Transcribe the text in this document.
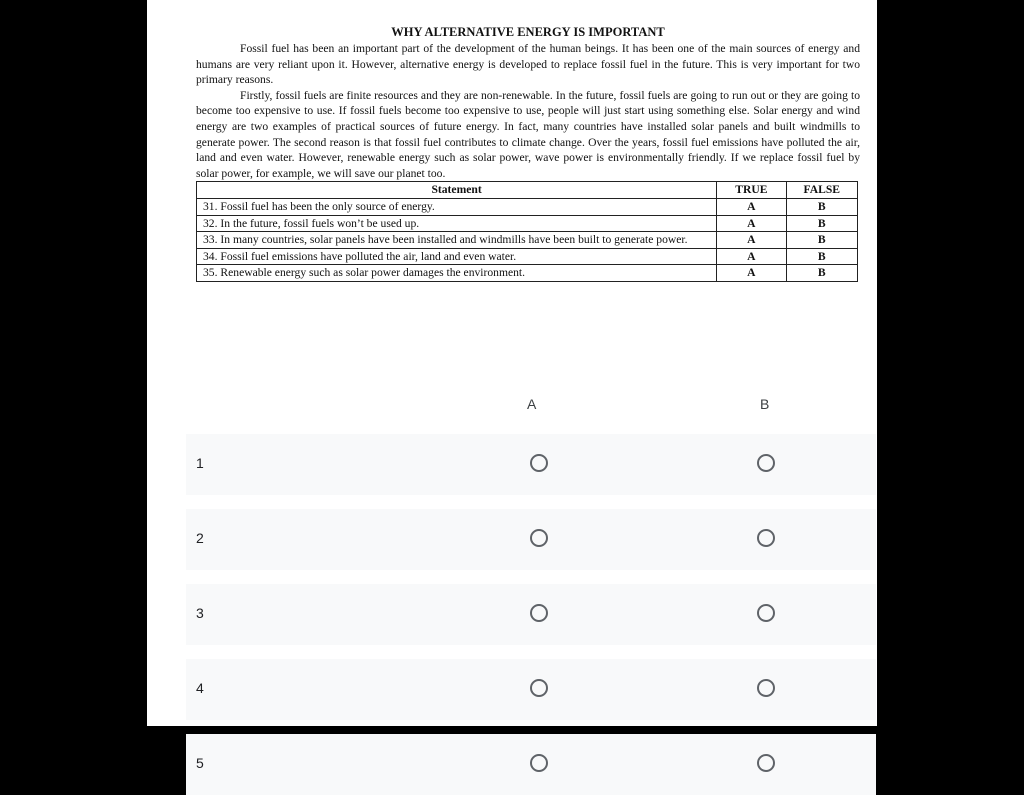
WHY ALTERNATIVE ENERGY IS IMPORTANT

Fossil fuel has been an important part of the development of the human beings. It has been one of the main sources of energy and humans are very reliant upon it. However, alternative energy is developed to replace fossil fuel in the future. This is very important for two primary reasons.

Firstly, fossil fuels are finite resources and they are non-renewable. In the future, fossil fuels are going to run out or they are going to become too expensive to use. If fossil fuels become too expensive to use, people will just start using something else. Solar energy and wind energy are two examples of practical sources of future energy. In fact, many countries have installed solar panels and built windmills to generate power. The second reason is that fossil fuel contributes to climate change. Over the years, fossil fuel emissions have polluted the air, land and even water. However, renewable energy such as solar power, wave power is environmentally friendly. If we replace fossil fuel by solar power, for example, we will save our planet too.

Statement	TRUE	FALSE
31. Fossil fuel has been the only source of energy.	A	B
32. In the future, fossil fuels won’t be used up.	A	B
33. In many countries, solar panels have been installed and windmills have been built to generate power.	A	B
34. Fossil fuel emissions have polluted the air, land and even water.	A	B
35. Renewable energy such as solar power damages the environment.	A	B
A	B
1
2
3
4
5
